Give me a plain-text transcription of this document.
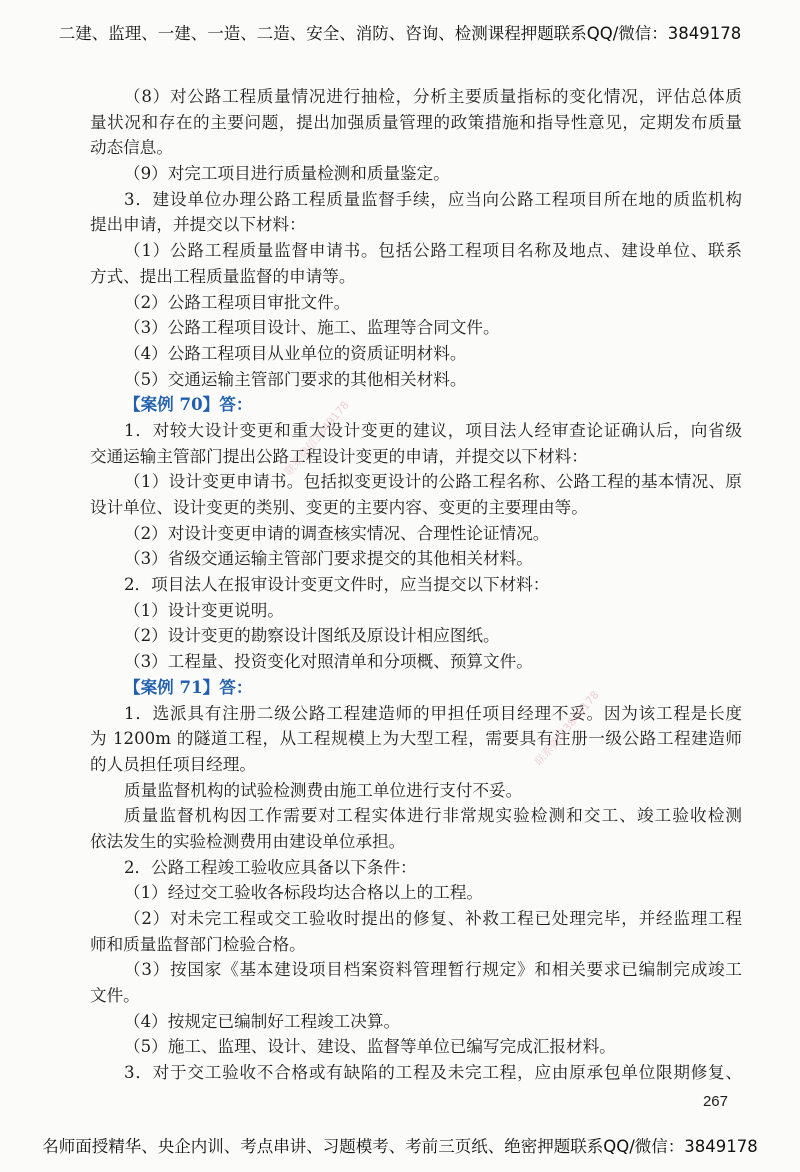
二建、监理、一建、一造、二造、安全、消防、咨询、检测课程押题联系QQ/微信：3849178
（8）对公路工程质量情况进行抽检，分析主要质量指标的变化情况，评估总体质
量状况和存在的主要问题，提出加强质量管理的政策措施和指导性意见，定期发布质量
动态信息。
（9）对完工项目进行质量检测和质量鉴定。
3．建设单位办理公路工程质量监督手续，应当向公路工程项目所在地的质监机构
提出申请，并提交以下材料：
（1）公路工程质量监督申请书。包括公路工程项目名称及地点、建设单位、联系
方式、提出工程质量监督的申请等。
（2）公路工程项目审批文件。
（3）公路工程项目设计、施工、监理等合同文件。
（4）公路工程项目从业单位的资质证明材料。
（5）交通运输主管部门要求的其他相关材料。
【案例 70】答：
1．对较大设计变更和重大设计变更的建议，项目法人经审查论证确认后，向省级
交通运输主管部门提出公路工程设计变更的申请，并提交以下材料：
（1）设计变更申请书。包括拟变更设计的公路工程名称、公路工程的基本情况、原
设计单位、设计变更的类别、变更的主要内容、变更的主要理由等。
（2）对设计变更申请的调查核实情况、合理性论证情况。
（3）省级交通运输主管部门要求提交的其他相关材料。
2．项目法人在报审设计变更文件时，应当提交以下材料：
（1）设计变更说明。
（2）设计变更的勘察设计图纸及原设计相应图纸。
（3）工程量、投资变化对照清单和分项概、预算文件。
【案例 71】答：
1．选派具有注册二级公路工程建造师的甲担任项目经理不妥。因为该工程是长度
为 1200m 的隧道工程，从工程规模上为大型工程，需要具有注册一级公路工程建造师
的人员担任项目经理。
质量监督机构的试验检测费由施工单位进行支付不妥。
质量监督机构因工作需要对工程实体进行非常规实验检测和交工、竣工验收检测
依法发生的实验检测费用由建设单位承担。
2．公路工程竣工验收应具备以下条件：
（1）经过交工验收各标段均达合格以上的工程。
（2）对未完工程或交工验收时提出的修复、补救工程已处理完毕，并经监理工程
师和质量监督部门检验合格。
（3）按国家《基本建设项目档案资料管理暂行规定》和相关要求已编制完成竣工
文件。
（4）按规定已编制好工程竣工决算。
（5）施工、监理、设计、建设、监督等单位已编写完成汇报材料。
3．对于交工验收不合格或有缺陷的工程及未完工程，应由原承包单位限期修复、
联系微信3849178
联系微信3849178
267
名师面授精华、央企内训、考点串讲、习题模考、考前三页纸、绝密押题联系QQ/微信：3849178
